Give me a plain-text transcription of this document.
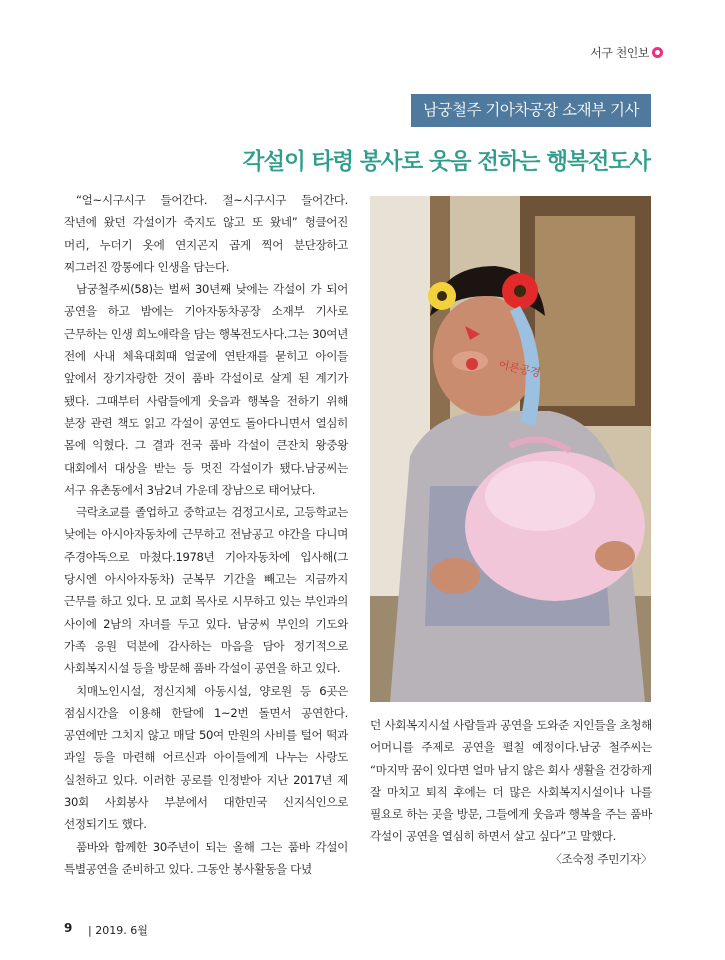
서구 천인보
남궁철주 기아차공장 소재부 기사
각설이 타령 봉사로 웃음 전하는 행복전도사

“얼~시구시구 들어간다. 절~시구시구 들어간다. 작년에 왔던 각설이가 죽지도 않고 또 왔네” 헝클어진 머리, 누더기 옷에 연지곤지 곱게 찍어 분단장하고 찌그러진 깡통에다 인생을 담는다.

남궁철주씨(58)는 벌써 30년째 낮에는 각설이 가 되어 공연을 하고 밤에는 기아자동차공장 소재부 기사로 근무하는 인생 희노애락을 담는 행복전도사다.그는 30여년 전에 사내 체육대회때 얼굴에 연탄재를 묻히고 아이들 앞에서 장기자랑한 것이 품바 각설이로 살게 된 계기가 됐다. 그때부터 사람들에게 웃음과 행복을 전하기 위해 분장 관련 책도 읽고 각설이 공연도 돌아다니면서 열심히 몸에 익혔다. 그 결과 전국 품바 각설이 큰잔치 왕중왕 대회에서 대상을 받는 등 멋진 각설이가 됐다.남궁씨는 서구 유촌동에서 3남2녀 가운데 장남으로 태어났다.

극락초교를 졸업하고 중학교는 검정고시로, 고등학교는 낮에는 아시아자동차에 근무하고 전남공고 야간을 다니며 주경야독으로 마쳤다.1978년 기아자동차에 입사해(그 당시엔 아시아자동차) 군복무 기간을 빼고는 지금까지 근무를 하고 있다. 모 교회 목사로 시무하고 있는 부인과의 사이에 2남의 자녀를 두고 있다. 남궁씨 부인의 기도와 가족 응원 덕분에 감사하는 마음을 담아 정기적으로 사회복지시설 등을 방문해 품바 각설이 공연을 하고 있다.

치매노인시설, 정신지체 아동시설, 양로원 등 6곳은 점심시간을 이용해 한달에 1~2번 돌면서 공연한다. 공연에만 그치지 않고 매달 50여 만원의 사비를 털어 떡과 과일 등을 마련해 어르신과 아이들에게 나누는 사랑도 실천하고 있다. 이러한 공로를 인정받아 지난 2017년 제 30회 사회봉사 부분에서 대한민국 신지식인으로 선정되기도 했다.

품바와 함께한 30주년이 되는 올해 그는 품바 각설이 특별공연을 준비하고 있다. 그동안 봉사활동을 다녔

어른공경

던 사회복지시설 사람들과 공연을 도와준 지인들을 초청해 어머니를 주제로 공연을 펼칠 예정이다.남궁 철주씨는 “마지막 꿈이 있다면 얼마 남지 않은 회사 생활을 건강하게 잘 마치고 퇴직 후에는 더 많은 사회복지시설이나 나를 필요로 하는 곳을 방문, 그들에게 웃음과 행복을 주는 품바 각설이 공연을 열심히 하면서 살고 싶다”고 말했다.

〈조숙정 주민기자〉

9 | 2019. 6월
